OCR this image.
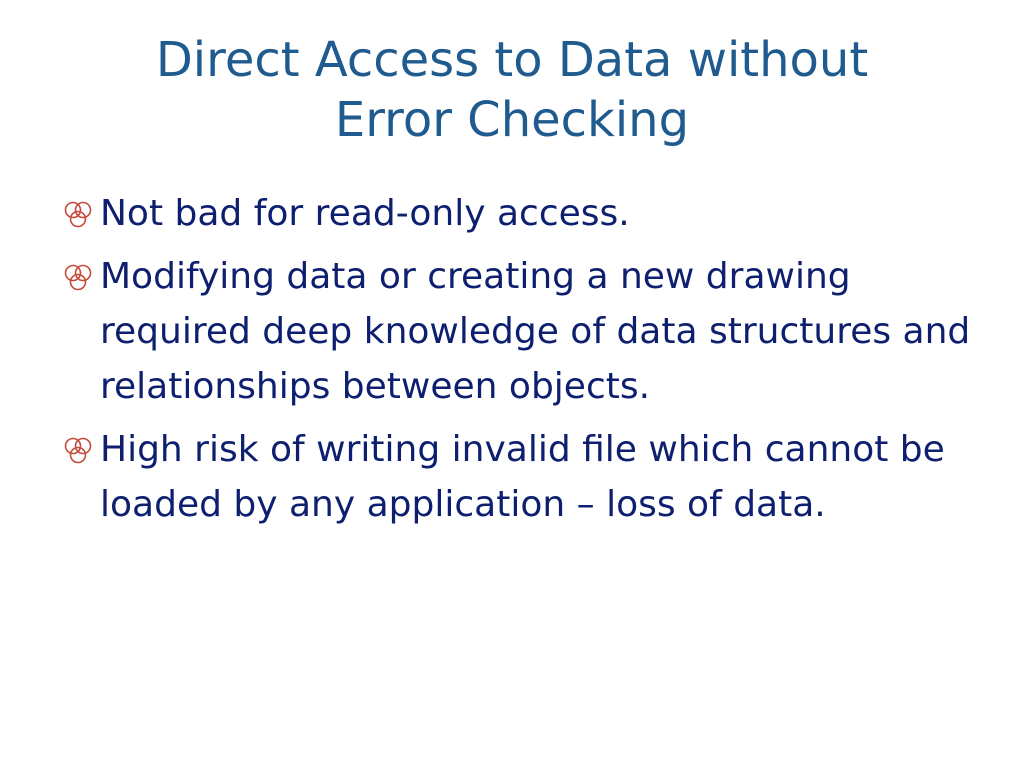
Direct Access to Data without
Error Checking
Not bad for read-only access.
Modifying data or creating a new drawing required deep knowledge of data structures and relationships between objects.
High risk of writing invalid file which cannot be loaded by any application – loss of data.
